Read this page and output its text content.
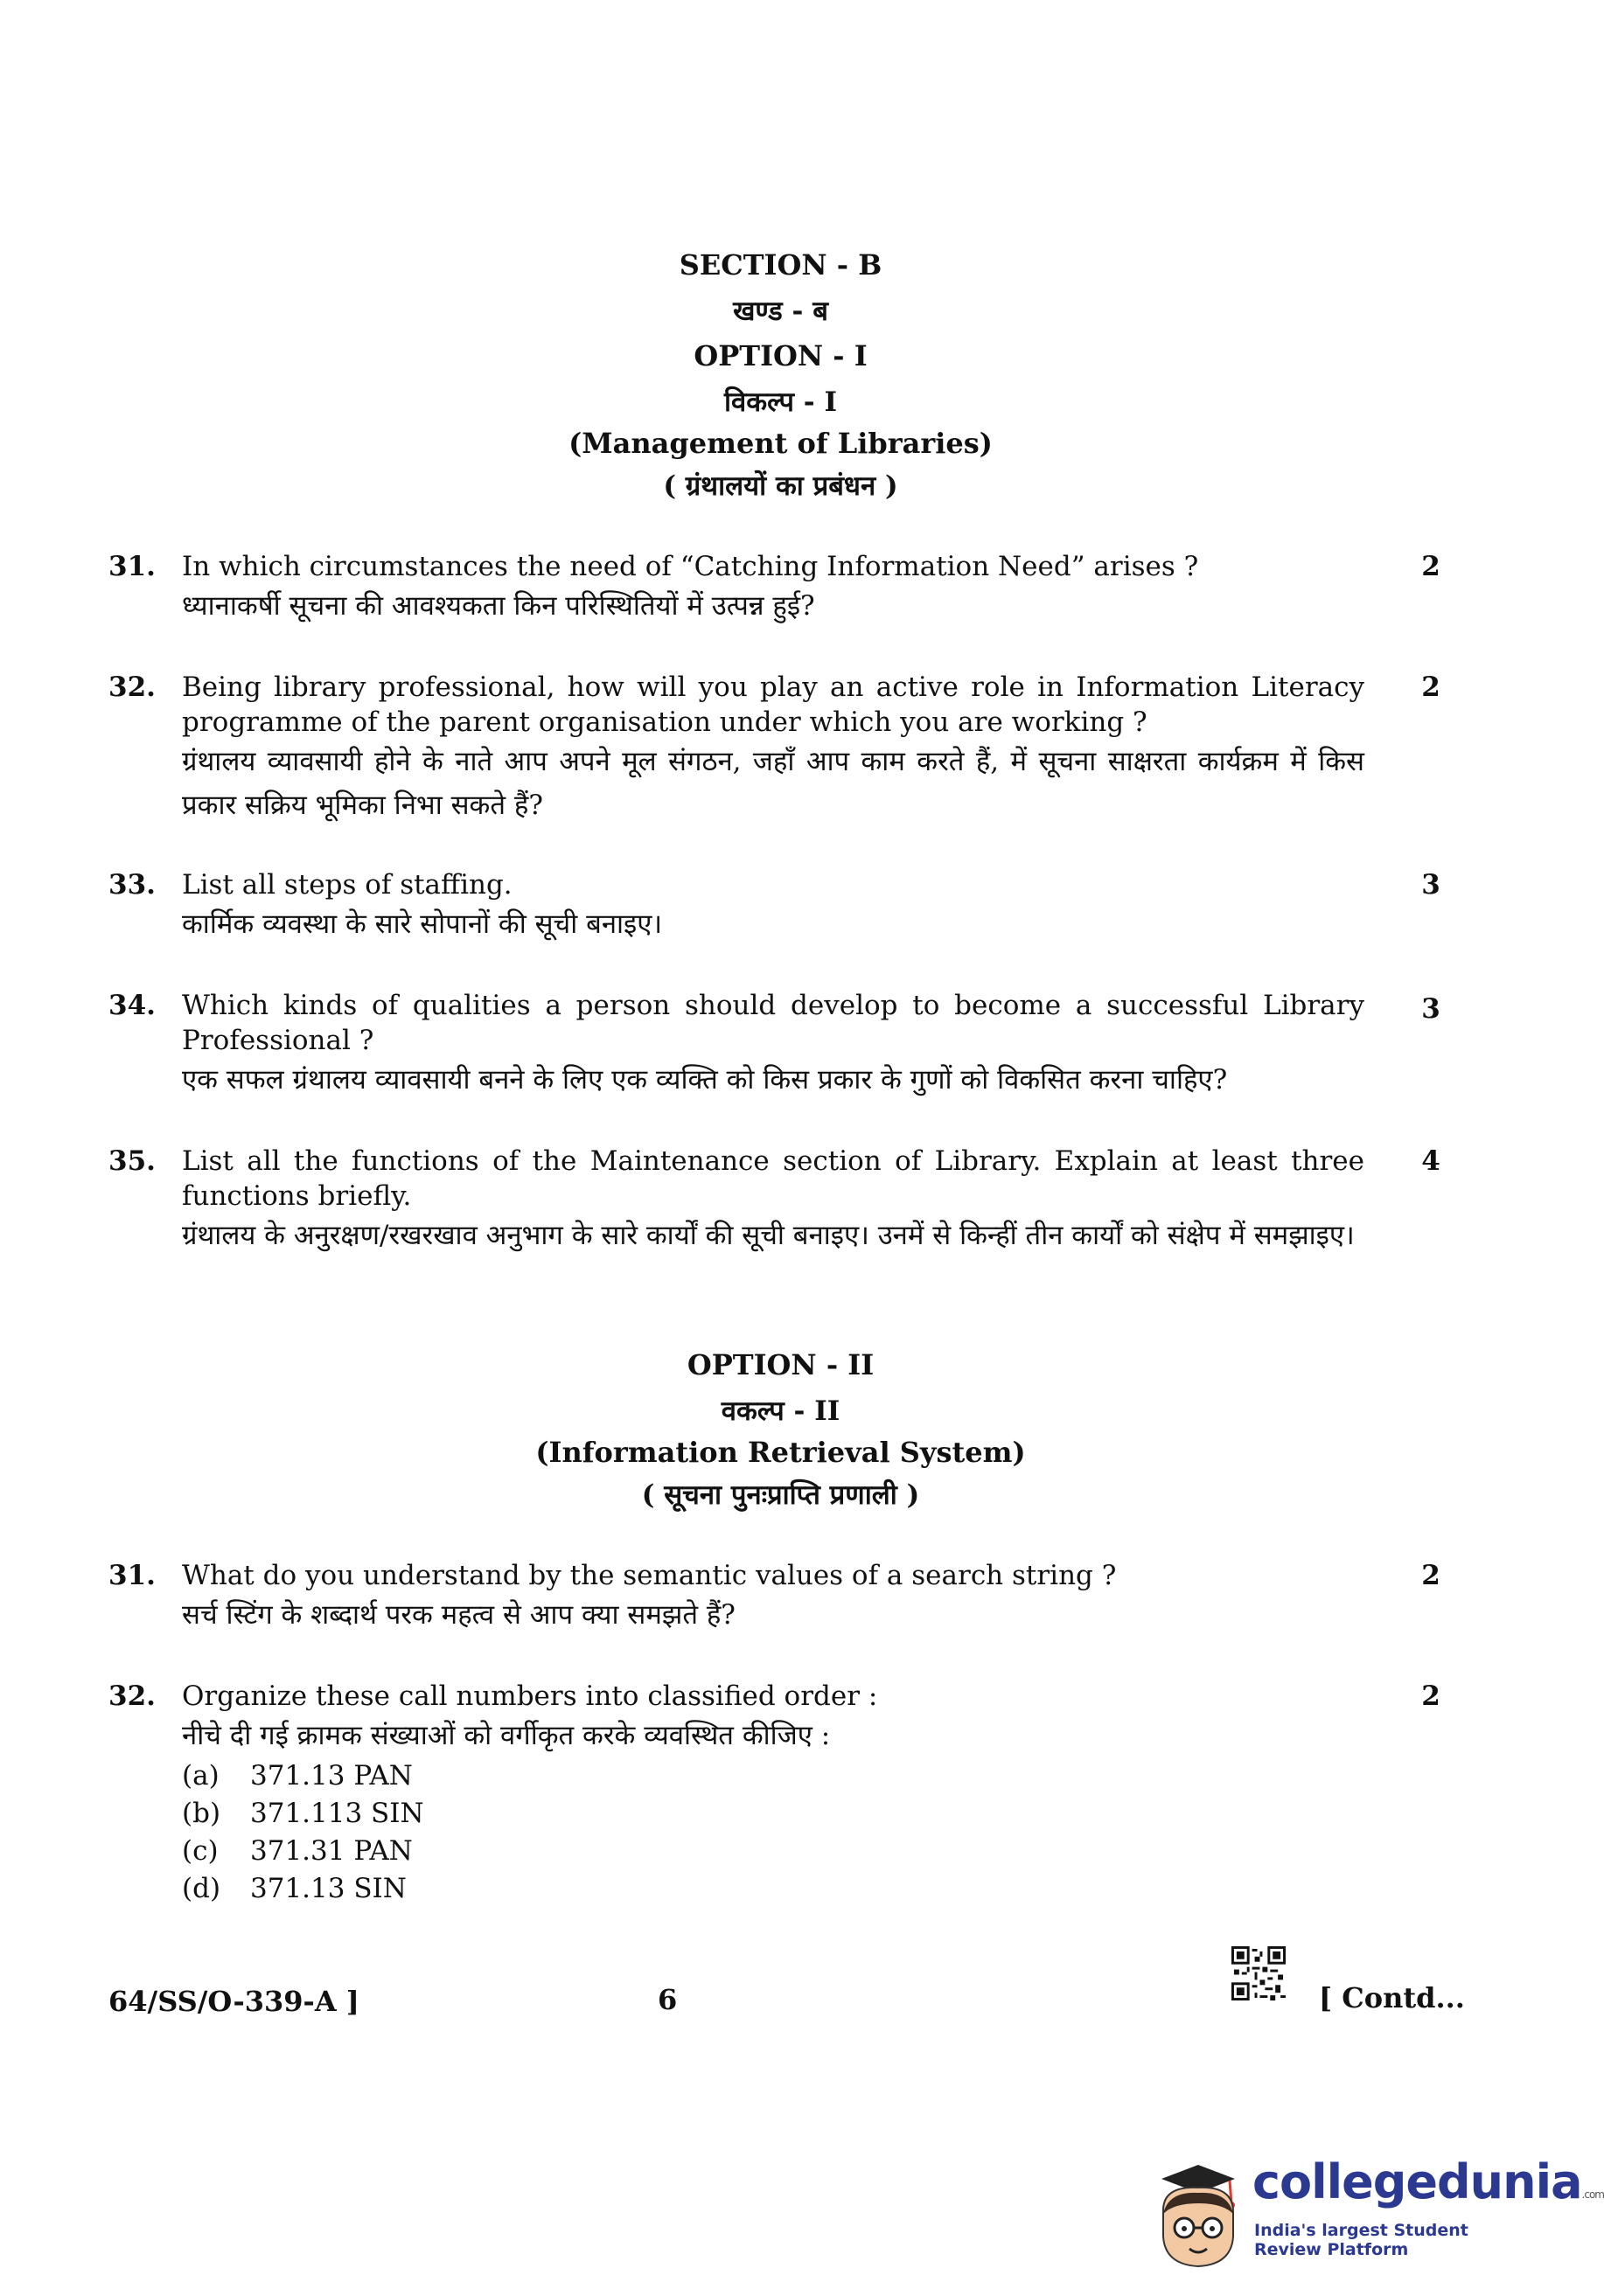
SECTION - B
खण्ड - ब
OPTION - I
विकल्प - I
(Management of Libraries)
( ग्रंथालयों का प्रबंधन )
31. In which circumstances the need of “Catching Information Need” arises ?
ध्यानाकर्षी सूचना की आवश्यकता किन परिस्थितियों में उत्पन्न हुई?
2
32. Being library professional, how will you play an active role in Information Literacy programme of the parent organisation under which you are working ?
ग्रंथालय व्यावसायी होने के नाते आप अपने मूल संगठन, जहाँ आप काम करते हैं, में सूचना साक्षरता कार्यक्रम में किस प्रकार सक्रिय भूमिका निभा सकते हैं?
2
33. List all steps of staffing.
कार्मिक व्यवस्था के सारे सोपानों की सूची बनाइए।
3
34. Which kinds of qualities a person should develop to become a successful Library Professional ?
एक सफल ग्रंथालय व्यावसायी बनने के लिए एक व्यक्ति को किस प्रकार के गुणों को विकसित करना चाहिए?
3
35. List all the functions of the Maintenance section of Library. Explain at least three functions briefly.
ग्रंथालय के अनुरक्षण/रखरखाव अनुभाग के सारे कार्यों की सूची बनाइए। उनमें से किन्हीं तीन कार्यों को संक्षेप में समझाइए।
4
OPTION - II
वकल्प - II
(Information Retrieval System)
( सूचना पुनःप्राप्ति प्रणाली )
31. What do you understand by the semantic values of a search string ?
सर्च स्टिंग के शब्दार्थ परक महत्व से आप क्या समझते हैं?
2
32. Organize these call numbers into classified order :
नीचे दी गई क्रामक संख्याओं को वर्गीकृत करके व्यवस्थित कीजिए :
(a)	371.13 PAN
(b)	371.113 SIN
(c)	371.31 PAN
(d)	371.13 SIN
2
64/SS/O-339-A ]	6	[ Contd...
collegedunia.com
India's largest Student Review Platform
